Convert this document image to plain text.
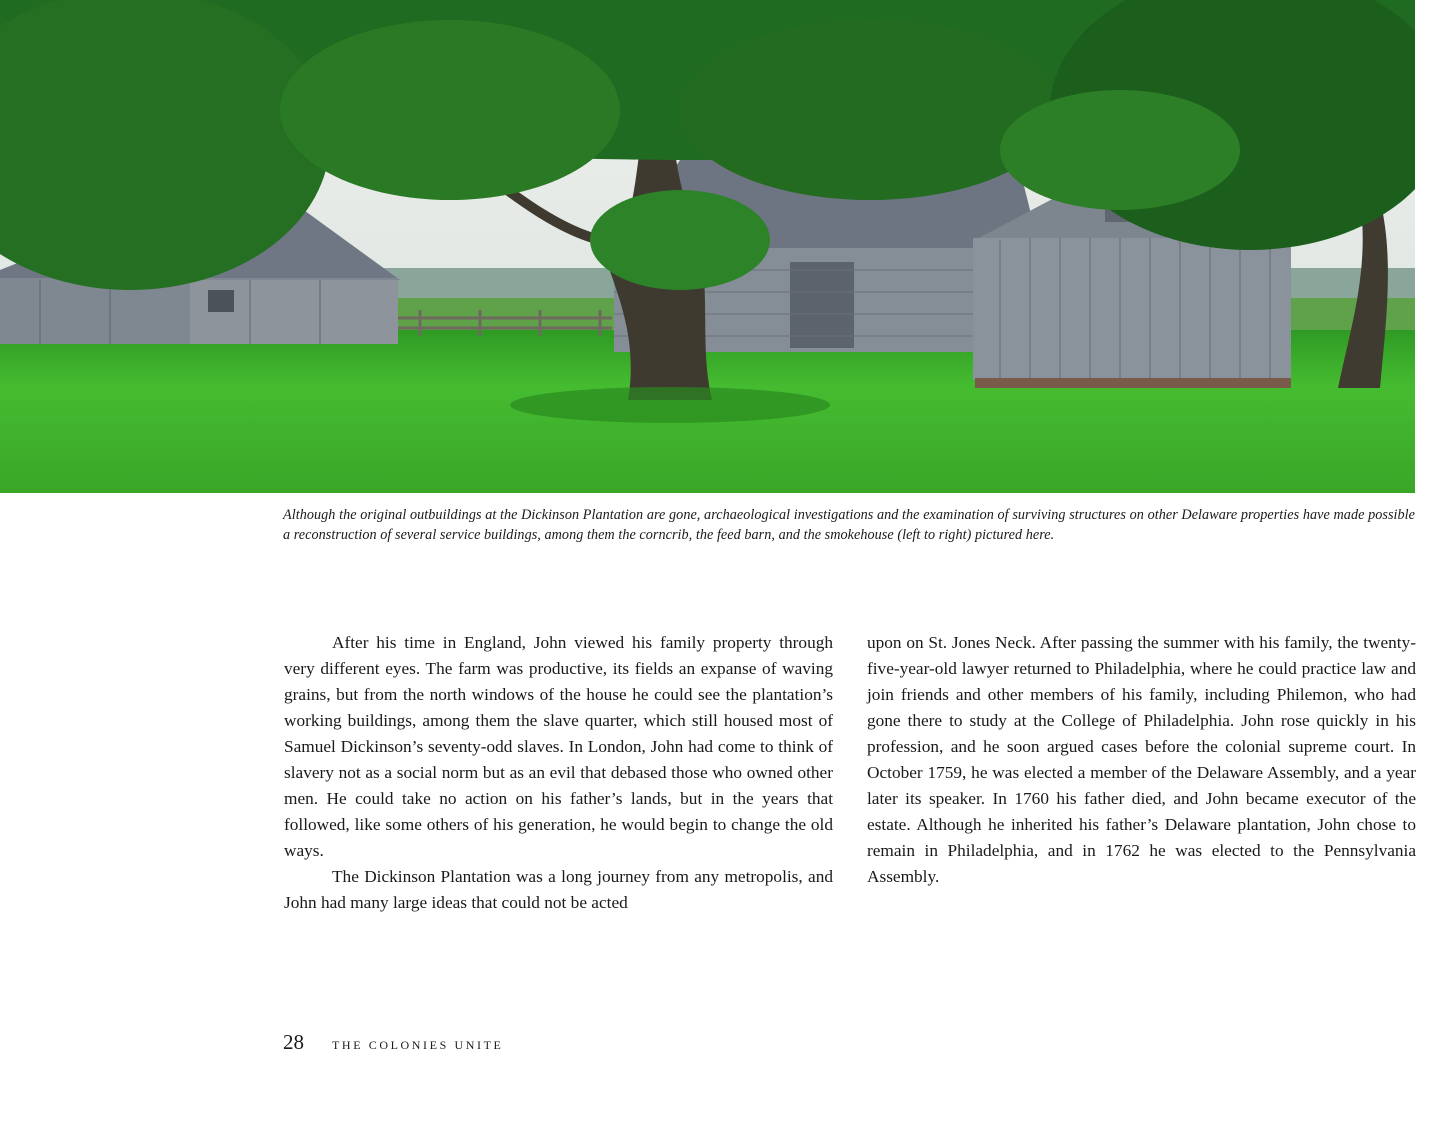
Although the original outbuildings at the Dickinson Plantation are gone, archaeological investigations and the examination of surviving structures on other Delaware properties have made possible a reconstruction of several service buildings, among them the corncrib, the feed barn, and the smokehouse (left to right) pictured here.

After his time in England, John viewed his family property through very different eyes. The farm was productive, its fields an expanse of waving grains, but from the north windows of the house he could see the plantation’s working buildings, among them the slave quarter, which still housed most of Samuel Dickinson’s seventy-odd slaves. In London, John had come to think of slavery not as a social norm but as an evil that debased those who owned other men. He could take no action on his father’s lands, but in the years that followed, like some others of his generation, he would begin to change the old ways.

The Dickinson Plantation was a long journey from any metropolis, and John had many large ideas that could not be acted

upon on St. Jones Neck. After passing the summer with his family, the twenty-five-year-old lawyer returned to Philadelphia, where he could practice law and join friends and other members of his family, including Philemon, who had gone there to study at the College of Philadelphia. John rose quickly in his profession, and he soon argued cases before the colonial supreme court. In October 1759, he was elected a member of the Delaware Assembly, and a year later its speaker. In 1760 his father died, and John became executor of the estate. Although he inherited his father’s Delaware plantation, John chose to remain in Philadelphia, and in 1762 he was elected to the Pennsylvania Assembly.

28 THE COLONIES UNITE
